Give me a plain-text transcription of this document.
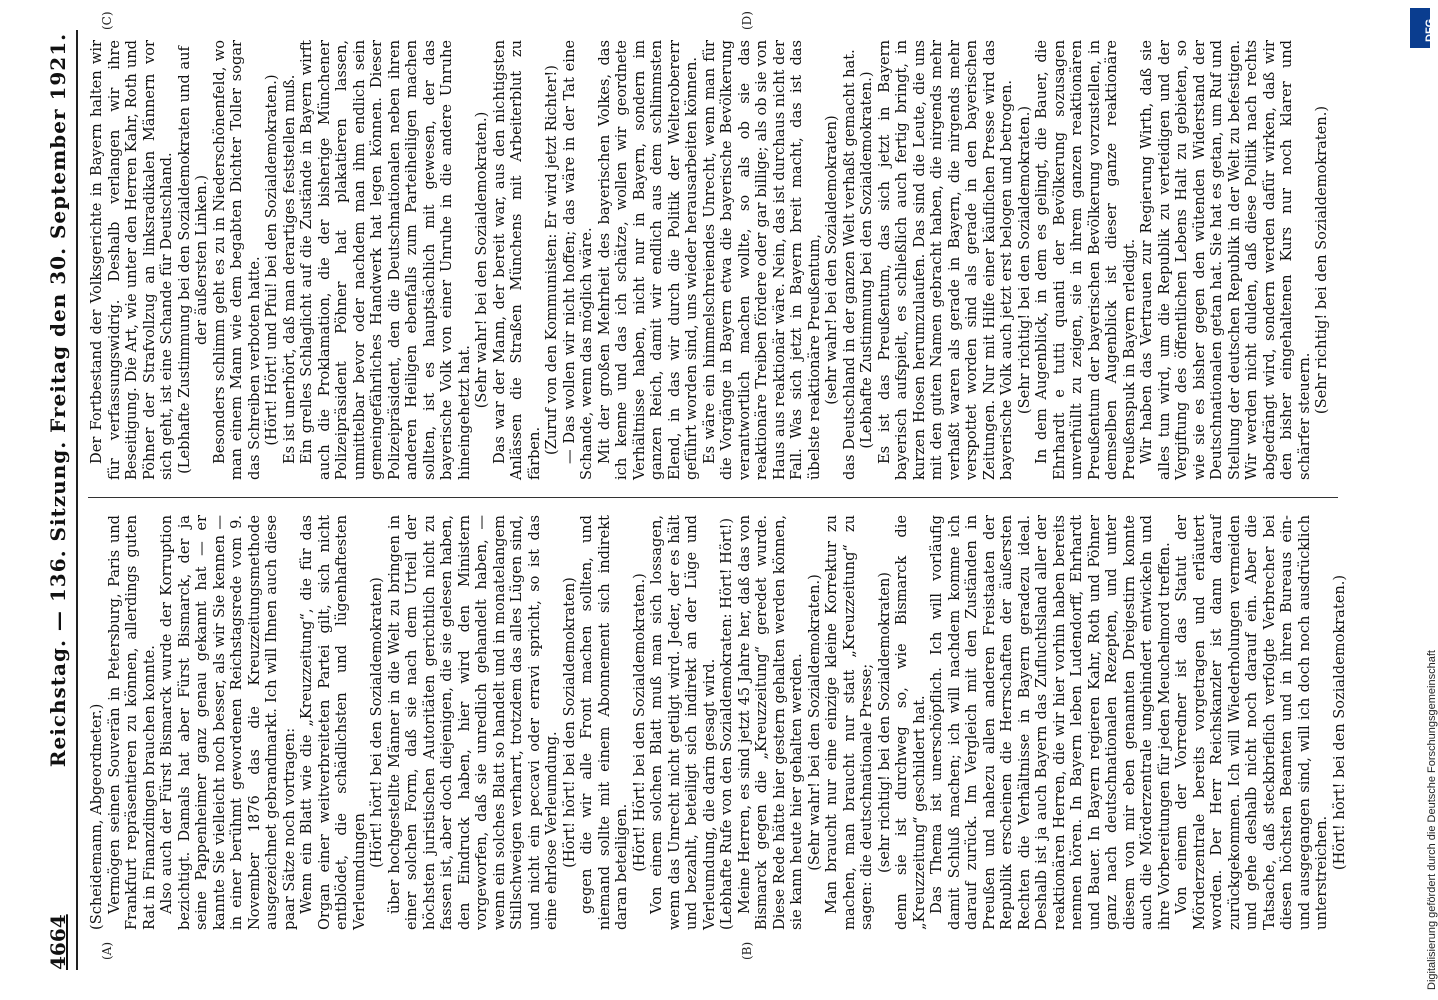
4664
Reichstag. — 136. Sitzung. Freitag den 30. September 1921.
(A)	(B)
(C)	(D)

(Scheidemann, Abgeordneter.) Vermögen seinen Souverän in Petersburg, Paris und Frankfurt repräsentieren zu können, allerdings guten Rat in Finanzdingen brauchen konnte. Also auch der Fürst Bismarck wurde der Korruption bezichtigt. Damals hat aber Fürst Bismarck, der ja seine Pappenheimer ganz genau gekannt hat — er kannte Sie vielleicht noch besser, als wir Sie kennen — in einer berühmt gewordenen Reichstagsrede vom 9. November 1876 das die Kreuzzeitungsmethode ausgezeichnet gebrandmarkt. Ich will Ihnen auch diese paar Sätze noch vortragen: Wenn ein Blatt wie die „Kreuzzeitung“, die für das Organ einer weitverbreiteten Partei gilt, sich nicht entblödet, die schädlichsten und lügenhaftesten Verleumdungen

(Hört! hört! bei den Sozialdemokraten) über hochgestellte Männer in die Welt zu bringen in einer solchen Form, daß sie nach dem Urteil der höchsten juristischen Autoritäten gerichtlich nicht zu fassen ist, aber doch diejenigen, die sie gelesen haben, den Eindruck haben, hier wird den Ministern vorgeworfen, daß sie unredlich gehandelt haben, — wenn ein solches Blatt so handelt und in monatelangem Stillschweigen verharrt, trotzdem das alles Lügen sind, und nicht ein peccavi oder erravi spricht, so ist das eine ehrlose Verleumdung. (Hört! hört! bei den Sozialdemokraten) gegen die wir alle Front machen sollten, und niemand sollte mit einem Abonnement sich indirekt daran beteiligen. (Hört! Hört! bei den Sozialdemokraten.) Von einem solchen Blatt muß man sich lossagen, wenn das Unrecht nicht getilgt wird. Jeder, der es hält und bezahlt, beteiligt sich indirekt an der Lüge und Verleumdung, die darin gesagt wird. (Lebhafte Rufe von den Sozialdemokraten: Hört! Hört!) Meine Herren, es sind jetzt 45 Jahre her, daß das von Bismarck gegen die „Kreuzzeitung“ geredet wurde. Diese Rede hätte hier gestern gehalten werden können, sie kann heute hier gehalten werden. (Sehr wahr! bei den Sozialdemokraten.) Man braucht nur eine einzige kleine Korrektur zu machen, man braucht nur statt „Kreuzzeitung“ zu sagen: die deutschnationale Presse; (sehr richtig! bei den Sozialdemokraten) denn sie ist durchweg so, wie Bismarck die „Kreuzzeitung“ geschildert hat. Das Thema ist unerschöpflich. Ich will vorläufig damit Schluß machen; ich will nachdem komme ich darauf zurück. Im Vergleich mit den Zuständen in Preußen und nahezu allen anderen Freistaaten der Republik erscheinen die Herrschaften der äußersten Rechten die Verhältnisse in Bayern geradezu ideal. Deshalb ist ja auch Bayern das Zufluchtsland aller der reaktionären Herren, die wir hier vorhin haben bereits nennen hören. In Bayern leben Ludendorff, Ehrhardt und Bauer. In Bayern regieren Kahr, Roth und Pöhner ganz nach deutschnationalen Rezepten, und unter diesem von mir eben genannten Dreigestirn konnte auch die Mörderzentrale ungehindert entwickeln und ihre Vorbereitungen für jeden Meuchelmord treffen. Von einem der Vorredner ist das Statut der Mörderzentrale bereits vorgetragen und erläutert worden. Der Herr Reichskanzler ist dann darauf zurückgekommen. Ich will Wiederholungen vermeiden und gehe deshalb nicht noch darauf ein. Aber die Tatsache, daß steckbrieflich verfolgte Verbrecher bei diesen höchsten Beamten und in ihren Bureaus ein- und ausgegangen sind, will ich doch noch ausdrücklich unterstreichen.

(Hört! hört! bei den Sozialdemokraten.)

Der Fortbestand der Volksgerichte in Bayern halten wir für verfassungswidrig. Deshalb verlangen wir ihre Beseitigung. Die Art, wie unter den Herren Kahr, Roth und Pöhner der Strafvollzug an linksradikalen Männern vor sich geht, ist eine Schande für Deutschland. (Lebhafte Zustimmung bei den Sozialdemokraten und auf der äußersten Linken.) Besonders schlimm geht es zu in Niederschönenfeld, wo man einem Mann wie dem begabten Dichter Toller sogar das Schreiben verboten hatte. (Hört! Hört! und Pfui! bei den Sozialdemokraten.) Es ist unerhört, daß man derartiges feststellen muß. Ein grelles Schlaglicht auf die Zustände in Bayern wirft auch die Proklamation, die der bisherige Münchener Polizeipräsident Pöhner hat plakatieren lassen, unmittelbar bevor oder nachdem man ihm endlich sein gemeingefährliches Handwerk hat legen können. Dieser Polizeipräsident, den die Deutschnationalen neben ihren anderen Heiligen ebenfalls zum Parteiheiligen machen sollten, ist es hauptsächlich mit gewesen, der das bayerische Volk von einer Unruhe in die andere Unruhe hineingehetzt hat.

(Sehr wahr! bei den Sozialdemokraten.) Das war der Mann, der bereit war, aus den nichtigsten Anlässen die Straßen Münchens mit Arbeiterblut zu färben. (Zuruf von den Kommunisten: Er wird jetzt Richter!) — Das wollen wir nicht hoffen; das wäre in der Tat eine Schande, wenn das möglich wäre. Mit der großen Mehrheit des bayerischen Volkes, das ich kenne und das ich schätze, wollen wir geordnete Verhältnisse haben, nicht nur in Bayern, sondern im ganzen Reich, damit wir endlich aus dem schlimmsten Elend, in das wir durch die Politik der Welterobererr geführt worden sind, uns wieder herausarbeiten können. Es wäre ein himmelschreiendes Unrecht, wenn man für die Vorgänge in Bayern etwa die bayerische Bevölkerung verantwortlich machen wollte, so als ob sie das reaktionäre Treiben fördere oder gar billige; als ob sie von Haus aus reaktionär wäre. Nein, das ist durchaus nicht der Fall. Was sich jetzt in Bayern breit macht, das ist das übelste reaktionäre Preußentum, (sehr wahr! bei den Sozialdemokraten) das Deutschland in der ganzen Welt verhaßt gemacht hat. (Lebhafte Zustimmung bei den Sozialdemokraten.) Es ist das Preußentum, das sich jetzt in Bayern bayerisch aufspielt, es schließlich auch fertig bringt, in kurzen Hosen herumzulaufen. Das sind die Leute, die uns mit den guten Namen gebracht haben, die nirgends mehr verhaßt waren als gerade in Bayern, die nirgends mehr verspottet worden sind als gerade in den bayerischen Zeitungen. Nur mit Hilfe einer käuflichen Presse wird das bayerische Volk auch jetzt erst belogen und betrogen. (Sehr richtig! bei den Sozialdemokraten.) In dem Augenblick, in dem es gelingt, die Bauer, die Ehrhardt e tutti quanti der Bevölkerung sozusagen unverhüllt zu zeigen, sie in ihrem ganzen reaktionären Preußentum der bayerischen Bevölkerung vorzustellen, in demselben Augenblick ist dieser ganze reaktionäre Preußenspuk in Bayern erledigt. Wir haben das Vertrauen zur Regierung Wirth, daß sie alles tun wird, um die Republik zu verteidigen und der Vergiftung des öffentlichen Lebens Halt zu gebieten, so wie sie es bisher gegen den wütenden Widerstand der Deutschnationalen getan hat. Sie hat es getan, um Ruf und Stellung der deutschen Republik in der Welt zu befestigen. Wir werden nicht dulden, daß diese Politik nach rechts abgedrängt wird, sondern werden dafür wirken, daß wir den bisher eingehaltenen Kurs nur noch klarer und schärfer steuern.

(Sehr richtig! bei den Sozialdemokraten.)

DFG
Digitalisierung gefördert durch die Deutsche Forschungsgemeinschaft
